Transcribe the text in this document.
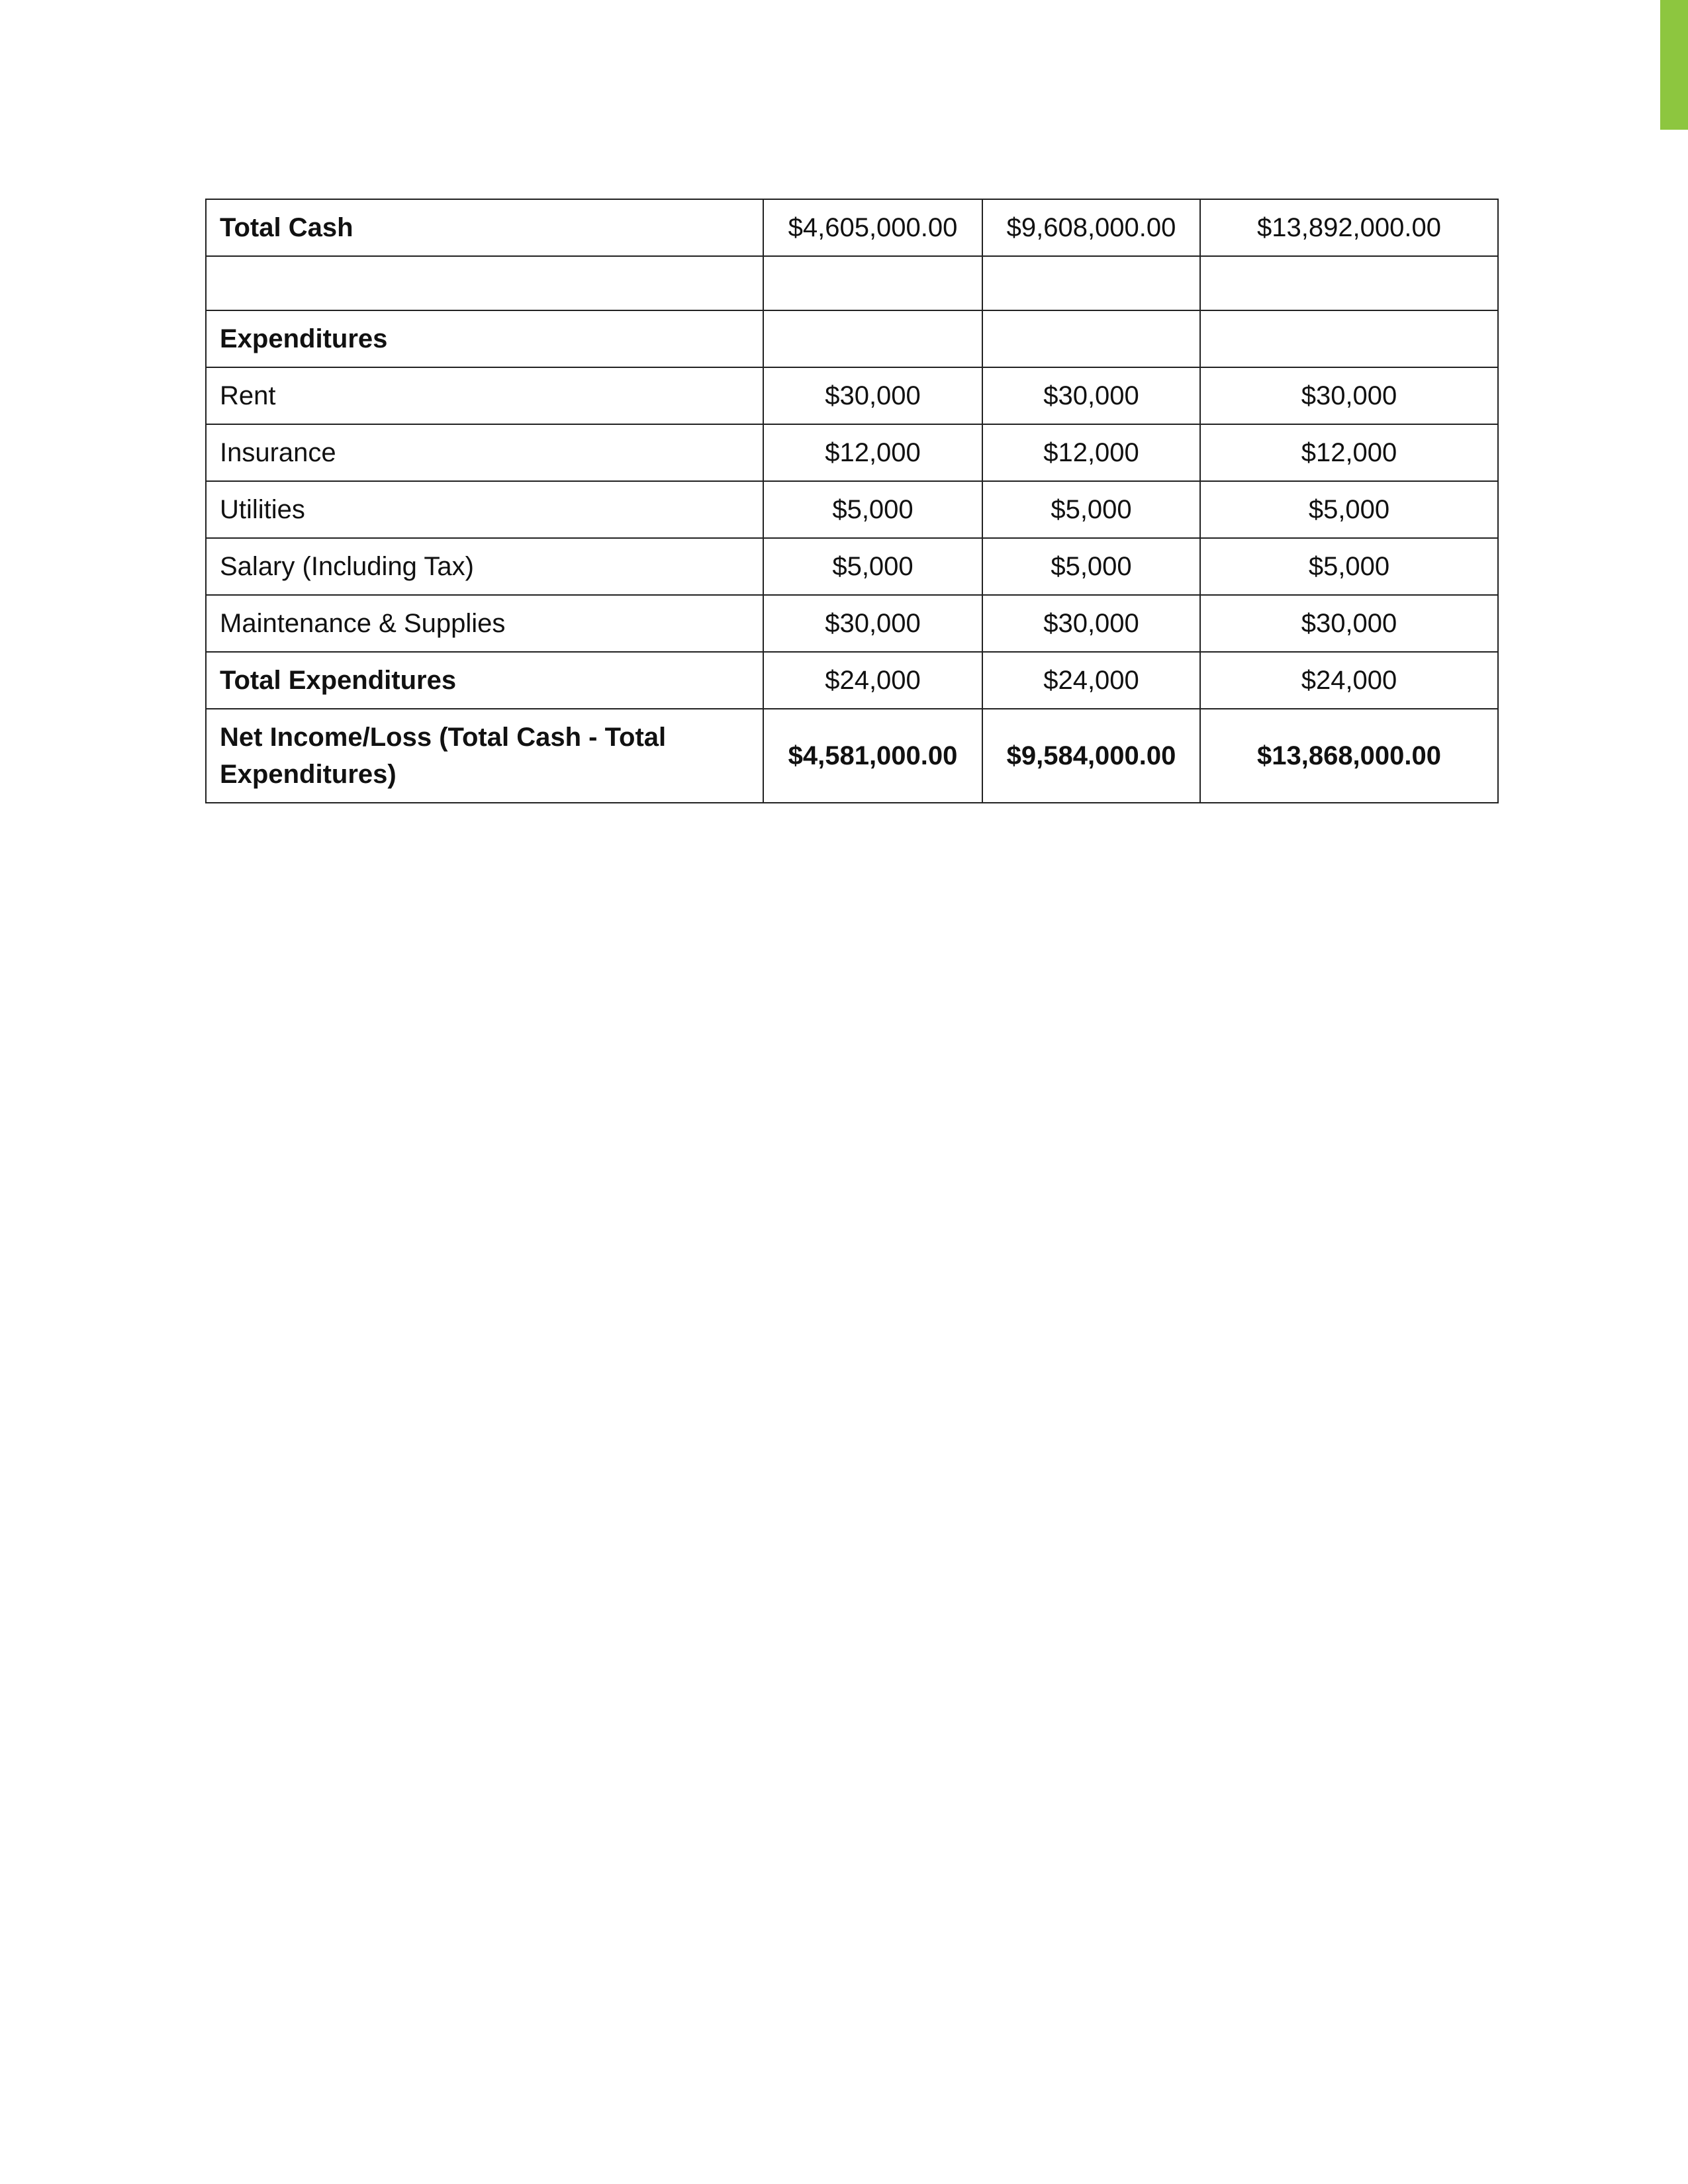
Total Cash	$4,605,000.00	$9,608,000.00	$13,892,000.00

Expenditures			
Rent	$30,000	$30,000	$30,000
Insurance	$12,000	$12,000	$12,000
Utilities	$5,000	$5,000	$5,000
Salary (Including Tax)	$5,000	$5,000	$5,000
Maintenance & Supplies	$30,000	$30,000	$30,000
Total Expenditures	$24,000	$24,000	$24,000
Net Income/Loss (Total Cash - Total Expenditures)	$4,581,000.00	$9,584,000.00	$13,868,000.00
